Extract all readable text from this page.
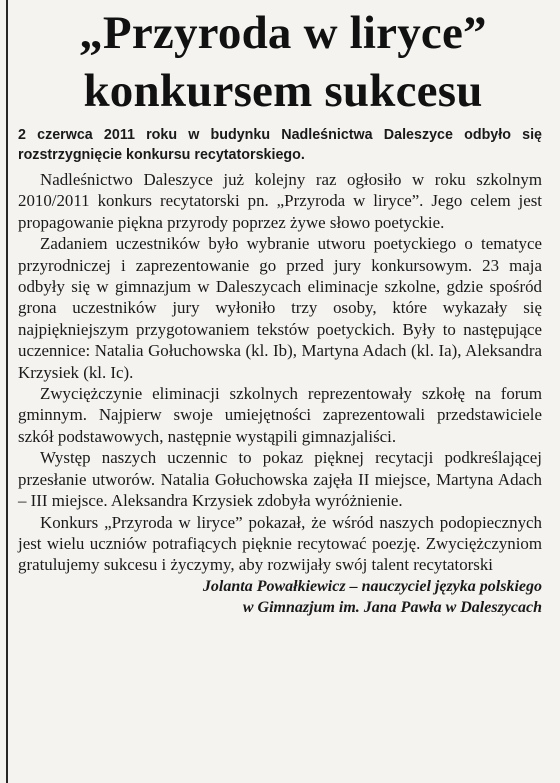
„Przyroda w liryce”
konkursem sukcesu

2 czerwca 2011 roku w budynku Nadleśnictwa Daleszyce odbyło się rozstrzygnięcie konkursu recytatorskiego.

Nadleśnictwo Daleszyce już kolejny raz ogłosiło w roku szkolnym 2010/2011 konkurs recytatorski pn. „Przyroda w liryce”. Jego celem jest propagowanie piękna przyrody poprzez żywe słowo poetyckie.

Zadaniem uczestników było wybranie utworu poetyckiego o tematyce przyrodniczej i zaprezentowanie go przed jury konkursowym. 23 maja odbyły się w gimnazjum w Daleszycach eliminacje szkolne, gdzie spośród grona uczestników jury wyłoniło trzy osoby, które wykazały się najpiękniejszym przygotowaniem tekstów poetyckich. Były to następujące uczennice: Natalia Gołuchowska (kl. Ib), Martyna Adach (kl. Ia), Aleksandra Krzysiek (kl. Ic).

Zwyciężczynie eliminacji szkolnych reprezentowały szkołę na forum gminnym. Najpierw swoje umiejętności zaprezentowali przedstawiciele szkół podstawowych, następnie wystąpili gimnazjaliści.

Występ naszych uczennic to pokaz pięknej recytacji podkreślającej przesłanie utworów. Natalia Gołuchowska zajęła II miejsce, Martyna Adach – III miejsce. Aleksandra Krzysiek zdobyła wyróżnienie.

Konkurs „Przyroda w liryce” pokazał, że wśród naszych podopiecznych jest wielu uczniów potrafiących pięknie recytować poezję. Zwyciężczyniom gratulujemy sukcesu i życzymy, aby rozwijały swój talent recytatorski

Jolanta Powałkiewicz – nauczyciel języka polskiego
w Gimnazjum im. Jana Pawła w Daleszycach
